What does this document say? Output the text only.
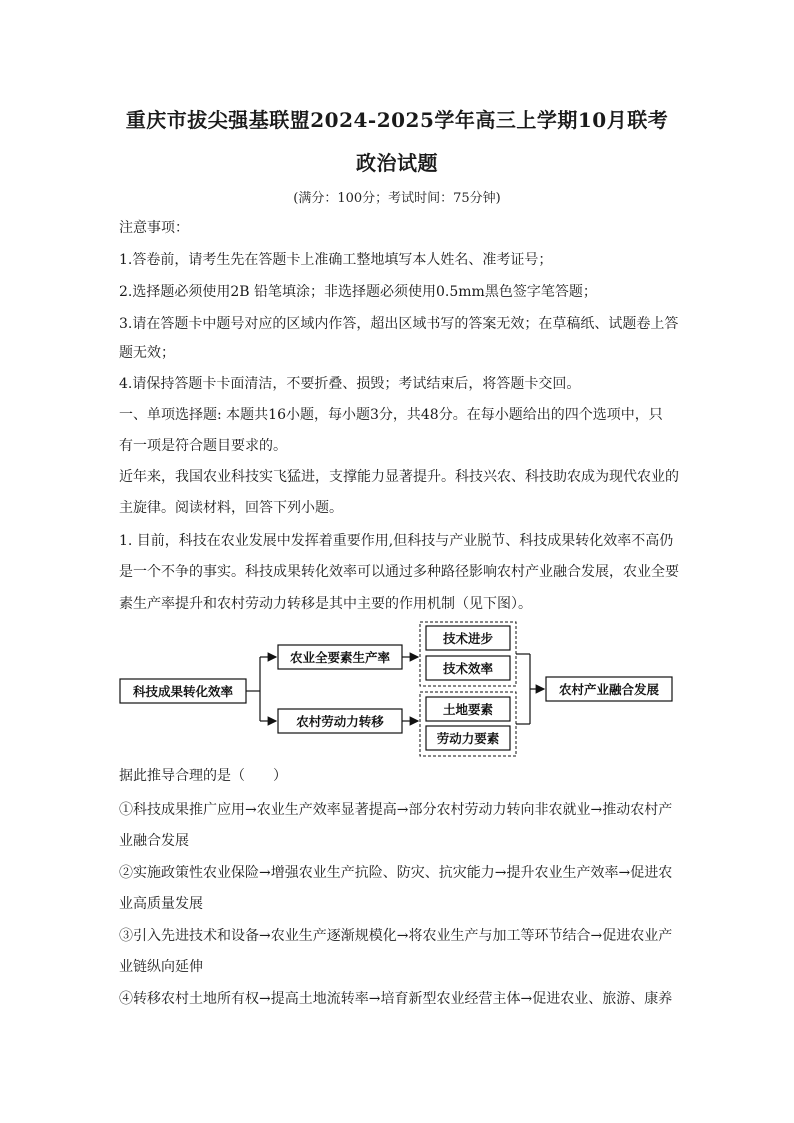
重庆市拔尖强基联盟2024-2025学年高三上学期10月联考
政治试题
(满分：100分；考试时间：75分钟)
注意事项：
1.答卷前，请考生先在答题卡上准确工整地填写本人姓名、准考证号；
2.选择题必须使用2B 铅笔填涂；非选择题必须使用0.5mm黑色签字笔答题；
3.请在答题卡中题号对应的区域内作答，超出区域书写的答案无效；在草稿纸、试题卷上答
题无效；
4.请保持答题卡卡面清洁，不要折叠、损毁；考试结束后，将答题卡交回。
一、单项选择题: 本题共16小题，每小题3分，共48分。在每小题给出的四个选项中，只
有一项是符合题目要求的。
近年来，我国农业科技实飞猛进，支撑能力显著提升。科技兴农、科技助农成为现代农业的
主旋律。阅读材料，回答下列小题。
1. 目前，科技在农业发展中发挥着重要作用,但科技与产业脱节、科技成果转化效率不高仍
是一个不争的事实。科技成果转化效率可以通过多种路径影响农村产业融合发展，农业全要
素生产率提升和农村劳动力转移是其中主要的作用机制（见下图）。
科技成果转化效率
农业全要素生产率
农村劳动力转移
技术进步
技术效率
土地要素
劳动力要素
农村产业融合发展
据此推导合理的是（　　）
①科技成果推广应用→农业生产效率显著提高→部分农村劳动力转向非农就业→推动农村产
业融合发展
②实施政策性农业保险→增强农业生产抗险、防灾、抗灾能力→提升农业生产效率→促进农
业高质量发展
③引入先进技术和设备→农业生产逐渐规模化→将农业生产与加工等环节结合→促进农业产
业链纵向延伸
④转移农村土地所有权→提高土地流转率→培育新型农业经营主体→促进农业、旅游、康养
